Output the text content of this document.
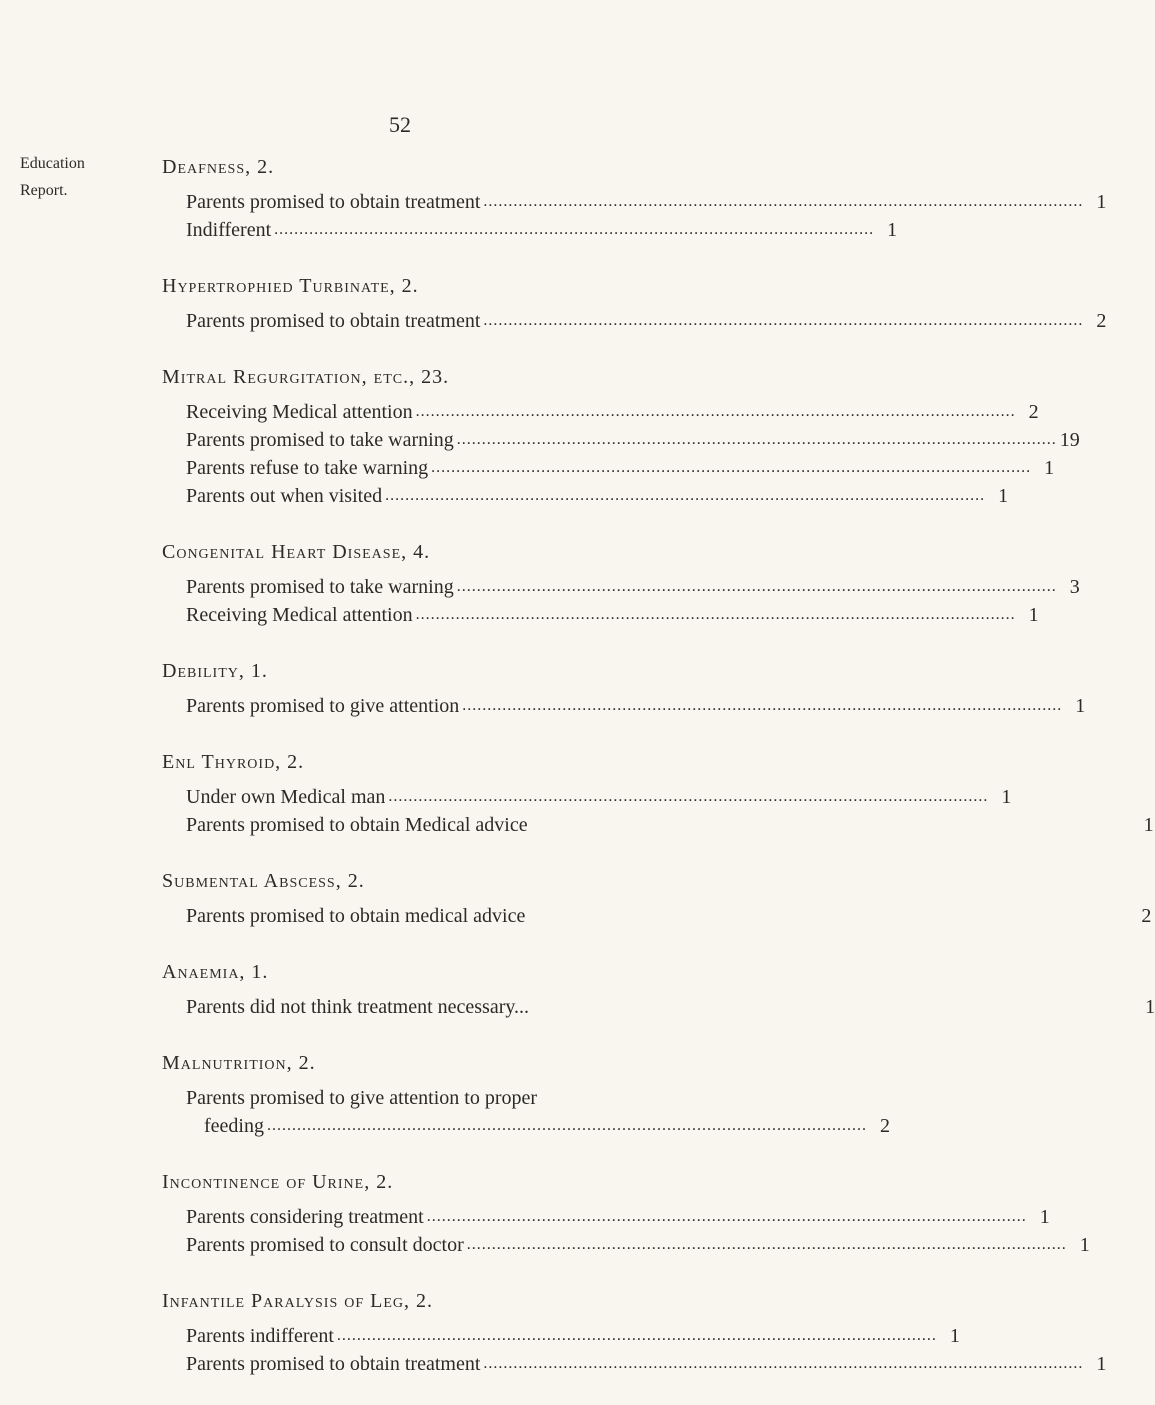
52
Education
Report.
Deafness, 2.
Parents promised to obtain treatment ........................................................................................................................ 1
Indifferent ........................................................................................................................ 1
Hypertrophied Turbinate, 2.
Parents promised to obtain treatment ........................................................................................................................ 2
Mitral Regurgitation, etc., 23.
Receiving Medical attention ........................................................................................................................ 2
Parents promised to take warning ........................................................................................................................ 19
Parents refuse to take warning ........................................................................................................................ 1
Parents out when visited ........................................................................................................................ 1
Congenital Heart Disease, 4.
Parents promised to take warning ........................................................................................................................ 3
Receiving Medical attention ........................................................................................................................ 1
Debility, 1.
Parents promised to give attention ........................................................................................................................ 1
Enl Thyroid, 2.
Under own Medical man ........................................................................................................................ 1
Parents promised to obtain Medical advice	1
Submental Abscess, 2.
Parents promised to obtain medical advice	2
Anaemia, 1.
Parents did not think treatment necessary...	1
Malnutrition, 2.
Parents promised to give attention to proper
feeding ........................................................................................................................ 2
Incontinence of Urine, 2.
Parents considering treatment ........................................................................................................................ 1
Parents promised to consult doctor ........................................................................................................................ 1
Infantile Paralysis of Leg, 2.
Parents indifferent ........................................................................................................................ 1
Parents promised to obtain treatment ........................................................................................................................ 1
